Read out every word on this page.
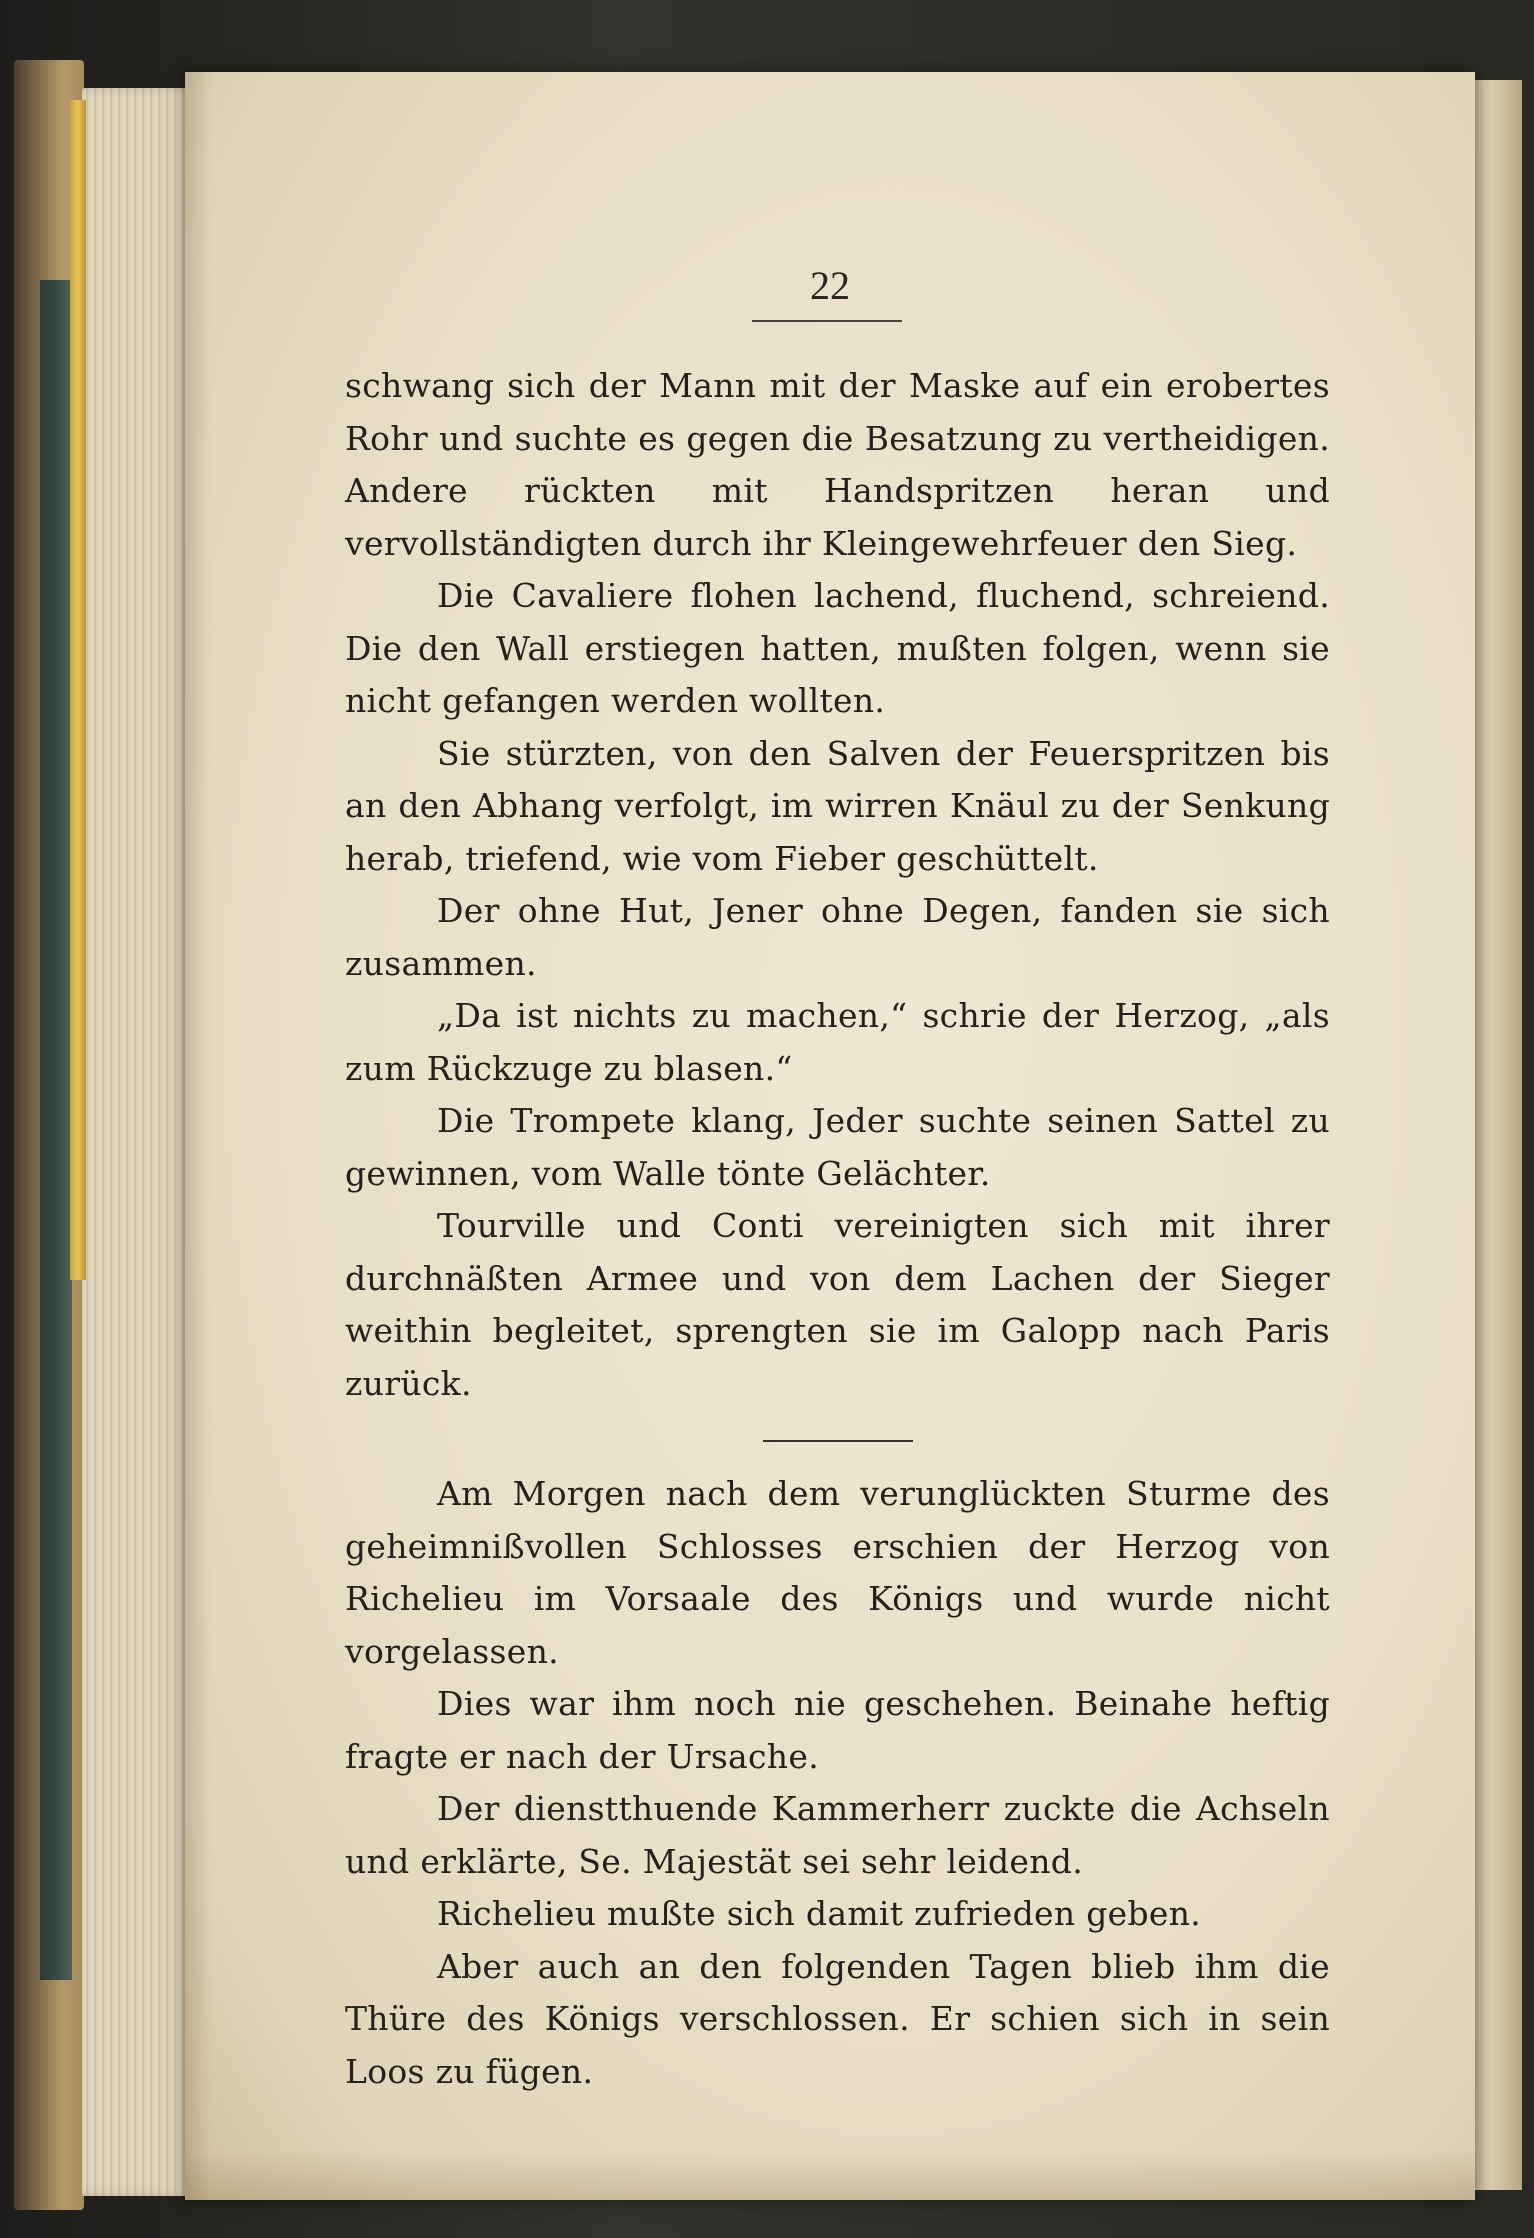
22

schwang sich der Mann mit der Maske auf ein erobertes Rohr und suchte es gegen die Besatzung zu vertheidigen. Andere rückten mit Handspritzen heran und vervollständigten durch ihr Kleingewehrfeuer den Sieg.

Die Cavaliere flohen lachend, fluchend, schreiend. Die den Wall erstiegen hatten, mußten folgen, wenn sie nicht gefangen werden wollten.

Sie stürzten, von den Salven der Feuerspritzen bis an den Abhang verfolgt, im wirren Knäul zu der Senkung herab, triefend, wie vom Fieber geschüttelt.

Der ohne Hut, Jener ohne Degen, fanden sie sich zusammen.

„Da ist nichts zu machen,“ schrie der Herzog, „als zum Rückzuge zu blasen.“

Die Trompete klang, Jeder suchte seinen Sattel zu gewinnen, vom Walle tönte Gelächter.

Tourville und Conti vereinigten sich mit ihrer durchnäßten Armee und von dem Lachen der Sieger weithin begleitet, sprengten sie im Galopp nach Paris zurück.

Am Morgen nach dem verunglückten Sturme des geheimnißvollen Schlosses erschien der Herzog von Richelieu im Vorsaale des Königs und wurde nicht vorgelassen.

Dies war ihm noch nie geschehen. Beinahe heftig fragte er nach der Ursache.

Der dienstthuende Kammerherr zuckte die Achseln und erklärte, Se. Majestät sei sehr leidend.

Richelieu mußte sich damit zufrieden geben.

Aber auch an den folgenden Tagen blieb ihm die Thüre des Königs verschlossen. Er schien sich in sein Loos zu fügen.
